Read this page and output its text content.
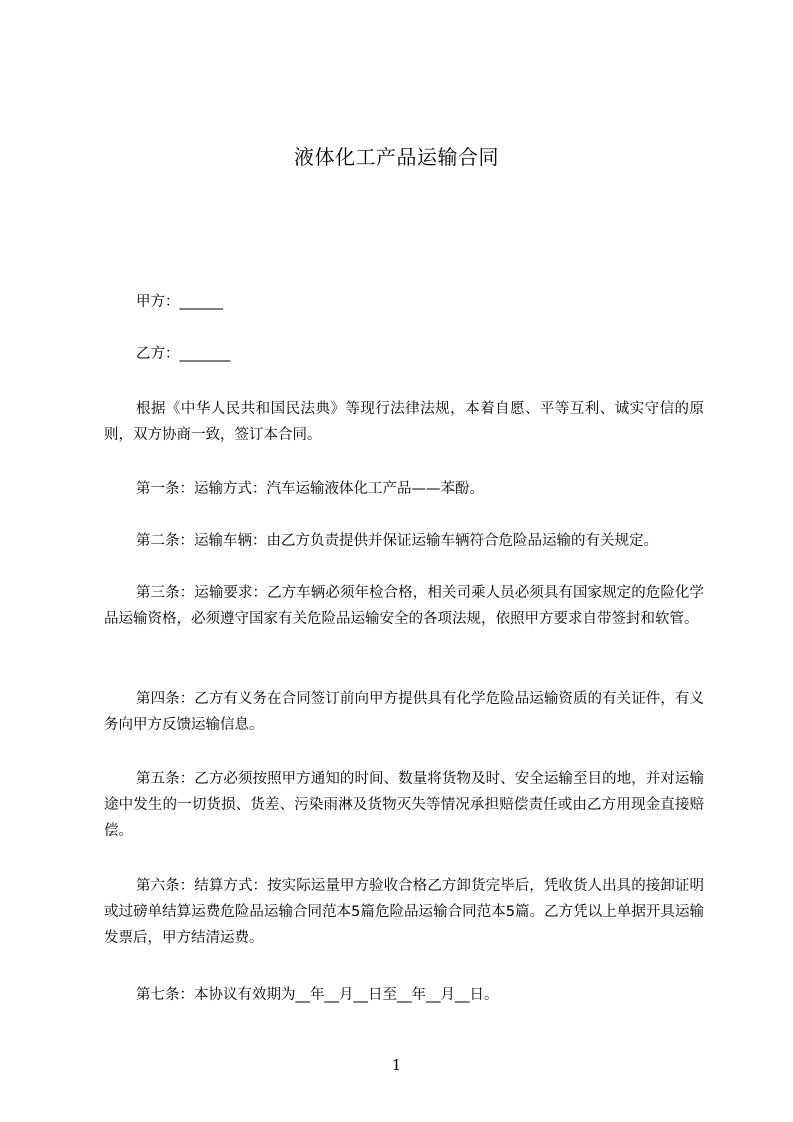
液体化工产品运输合同

甲方：______

乙方：_______

根据《中华人民共和国民法典》等现行法律法规，本着自愿、平等互利、诚实守信的原则，双方协商一致，签订本合同。

第一条：运输方式：汽车运输液体化工产品——苯酚。

第二条：运输车辆：由乙方负责提供并保证运输车辆符合危险品运输的有关规定。

第三条：运输要求：乙方车辆必须年检合格，相关司乘人员必须具有国家规定的危险化学品运输资格，必须遵守国家有关危险品运输安全的各项法规，依照甲方要求自带签封和软管。

第四条：乙方有义务在合同签订前向甲方提供具有化学危险品运输资质的有关证件，有义务向甲方反馈运输信息。

第五条：乙方必须按照甲方通知的时间、数量将货物及时、安全运输至目的地，并对运输途中发生的一切货损、货差、污染雨淋及货物灭失等情况承担赔偿责任或由乙方用现金直接赔偿。

第六条：结算方式：按实际运量甲方验收合格乙方卸货完毕后，凭收货人出具的接卸证明或过磅单结算运费危险品运输合同范本5篇危险品运输合同范本5篇。乙方凭以上单据开具运输发票后，甲方结清运费。

第七条：本协议有效期为__年__月__日至__年__月__日。

1
